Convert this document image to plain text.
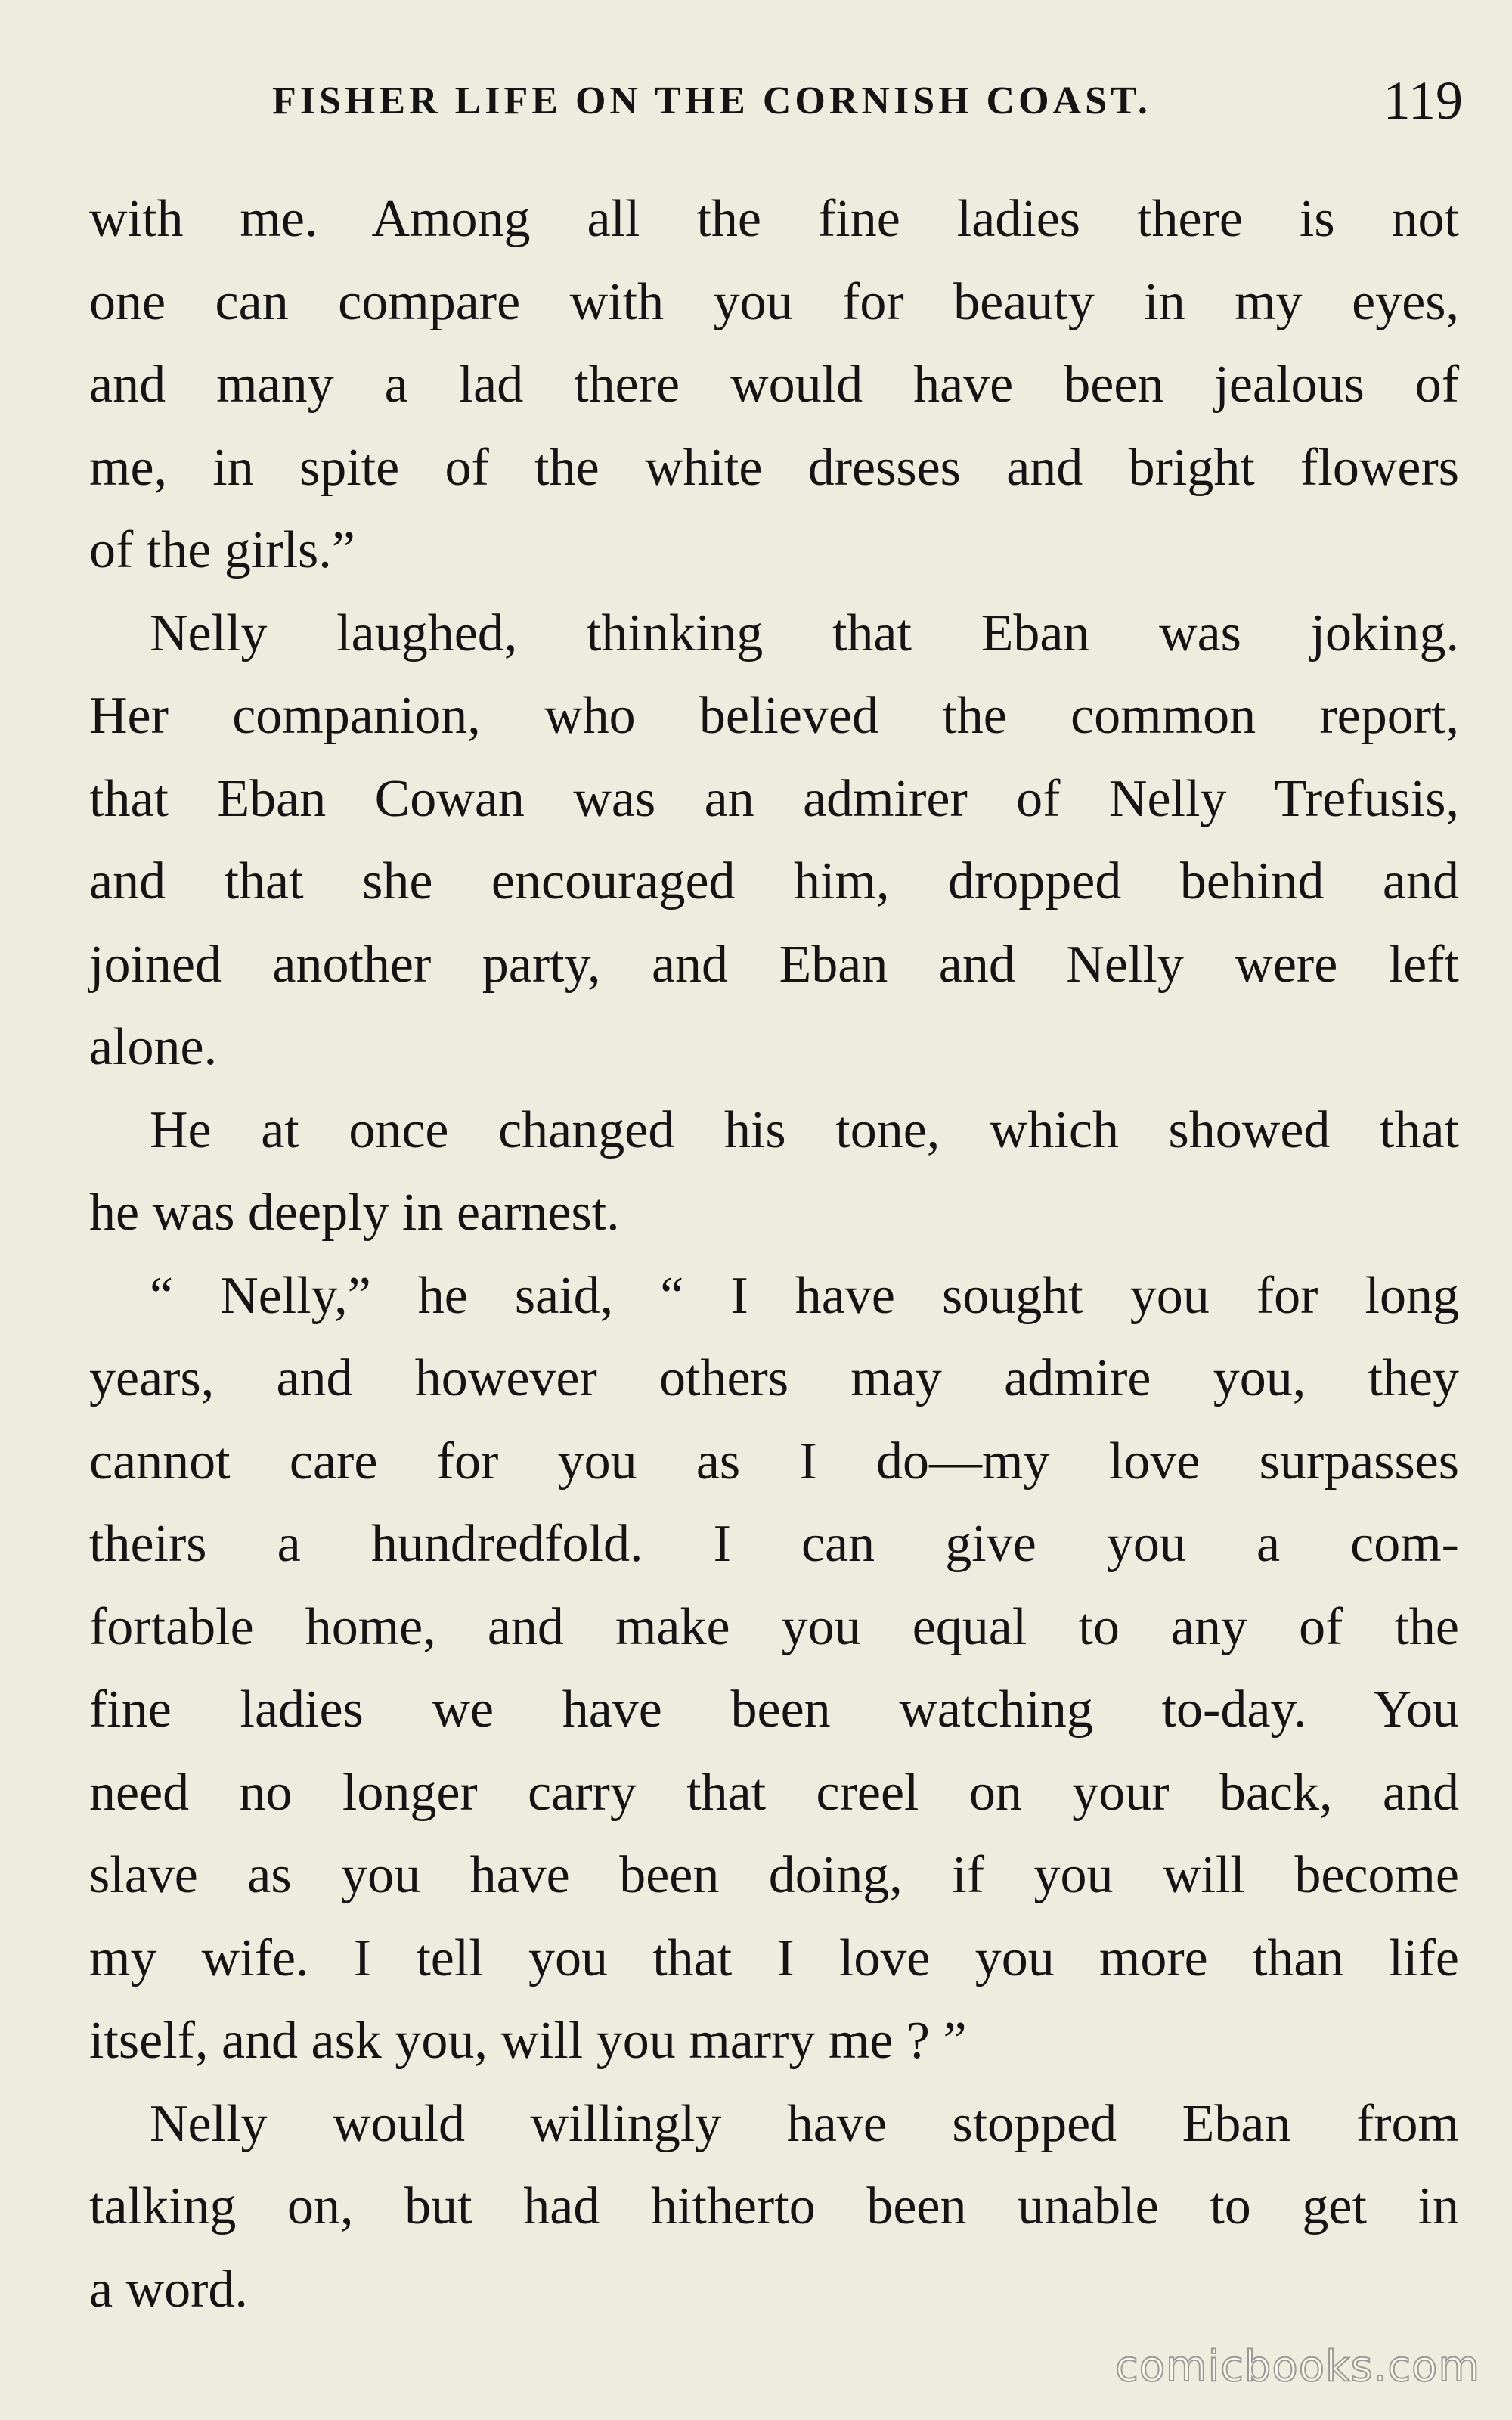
FISHER LIFE ON THE CORNISH COAST.	119
with me. Among all the fine ladies there is not
one can compare with you for beauty in my eyes,
and many a lad there would have been jealous of
me, in spite of the white dresses and bright flowers
of the girls.”
Nelly laughed, thinking that Eban was joking.
Her companion, who believed the common report,
that Eban Cowan was an admirer of Nelly Trefusis,
and that she encouraged him, dropped behind and
joined another party, and Eban and Nelly were left
alone.
He at once changed his tone, which showed that
he was deeply in earnest.
“ Nelly,” he said, “ I have sought you for long
years, and however others may admire you, they
cannot care for you as I do—my love surpasses
theirs a hundredfold. I can give you a com-
fortable home, and make you equal to any of the
fine ladies we have been watching to-day. You
need no longer carry that creel on your back, and
slave as you have been doing, if you will become
my wife. I tell you that I love you more than life
itself, and ask you, will you marry me ? ”
Nelly would willingly have stopped Eban from
talking on, but had hitherto been unable to get in
a word.
comicbooks.com
